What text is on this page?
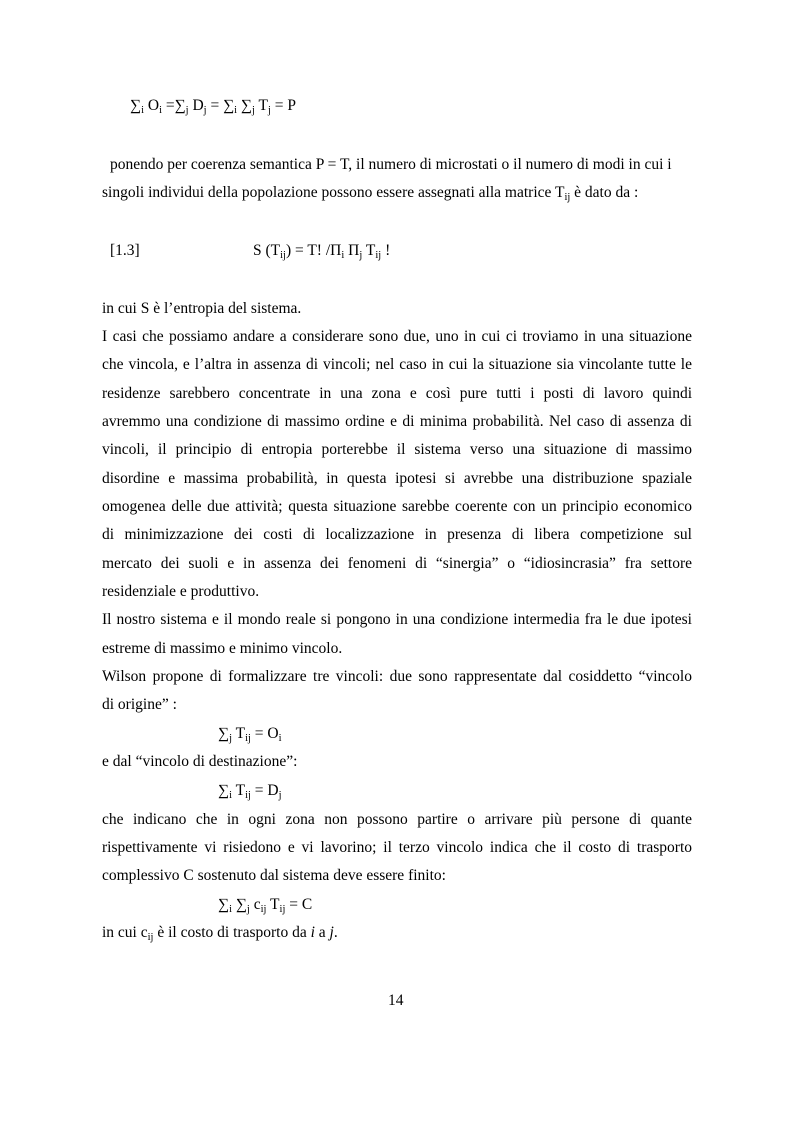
$\sum_i$ $O_i =\sum_j$ $D_j = \sum_i$ $\sum_j$ $T_j = P$
ponendo per coerenza semantica P = T, il numero di microstati o il numero di modi in cui i
singoli individui della popolazione possono essere assegnati alla matrice $T_{ij}$ è dato da :
[1.3]	S $(T_{ij}) = T$! $/\Pi_i$ $\Pi_j$ $T_{ij}$ !
in cui S è l’entropia del sistema.
I casi che possiamo andare a considerare sono due, uno in cui ci troviamo in una situazione
che vincola, e l’altra in assenza di vincoli; nel caso in cui la situazione sia vincolante tutte le
residenze sarebbero concentrate in una zona e così pure tutti i posti di lavoro quindi
avremmo una condizione di massimo ordine e di minima probabilità. Nel caso di assenza di
vincoli, il principio di entropia porterebbe il sistema verso una situazione di massimo
disordine e massima probabilità, in questa ipotesi si avrebbe una distribuzione spaziale
omogenea delle due attività; questa situazione sarebbe coerente con un principio economico
di minimizzazione dei costi di localizzazione in presenza di libera competizione sul
mercato dei suoli e in assenza dei fenomeni di “sinergia” o “idiosincrasia” fra settore
residenziale e produttivo.
Il nostro sistema e il mondo reale si pongono in una condizione intermedia fra le due ipotesi
estreme di massimo e minimo vincolo.
Wilson propone di formalizzare tre vincoli: due sono rappresentate dal cosiddetto “vincolo
di origine” :
$\sum_j$ $T_{ij} = O_i$
e dal “vincolo di destinazione”:
$\sum_i$ $T_{ij} = D_j$
che indicano che in ogni zona non possono partire o arrivare più persone di quante
rispettivamente vi risiedono e vi lavorino; il terzo vincolo indica che il costo di trasporto
complessivo C sostenuto dal sistema deve essere finito:
$\sum_i$ $\sum_j$ $c_{ij}$ $T_{ij} = C$
in cui $c_{ij}$ è il costo di trasporto da i a j.
14
